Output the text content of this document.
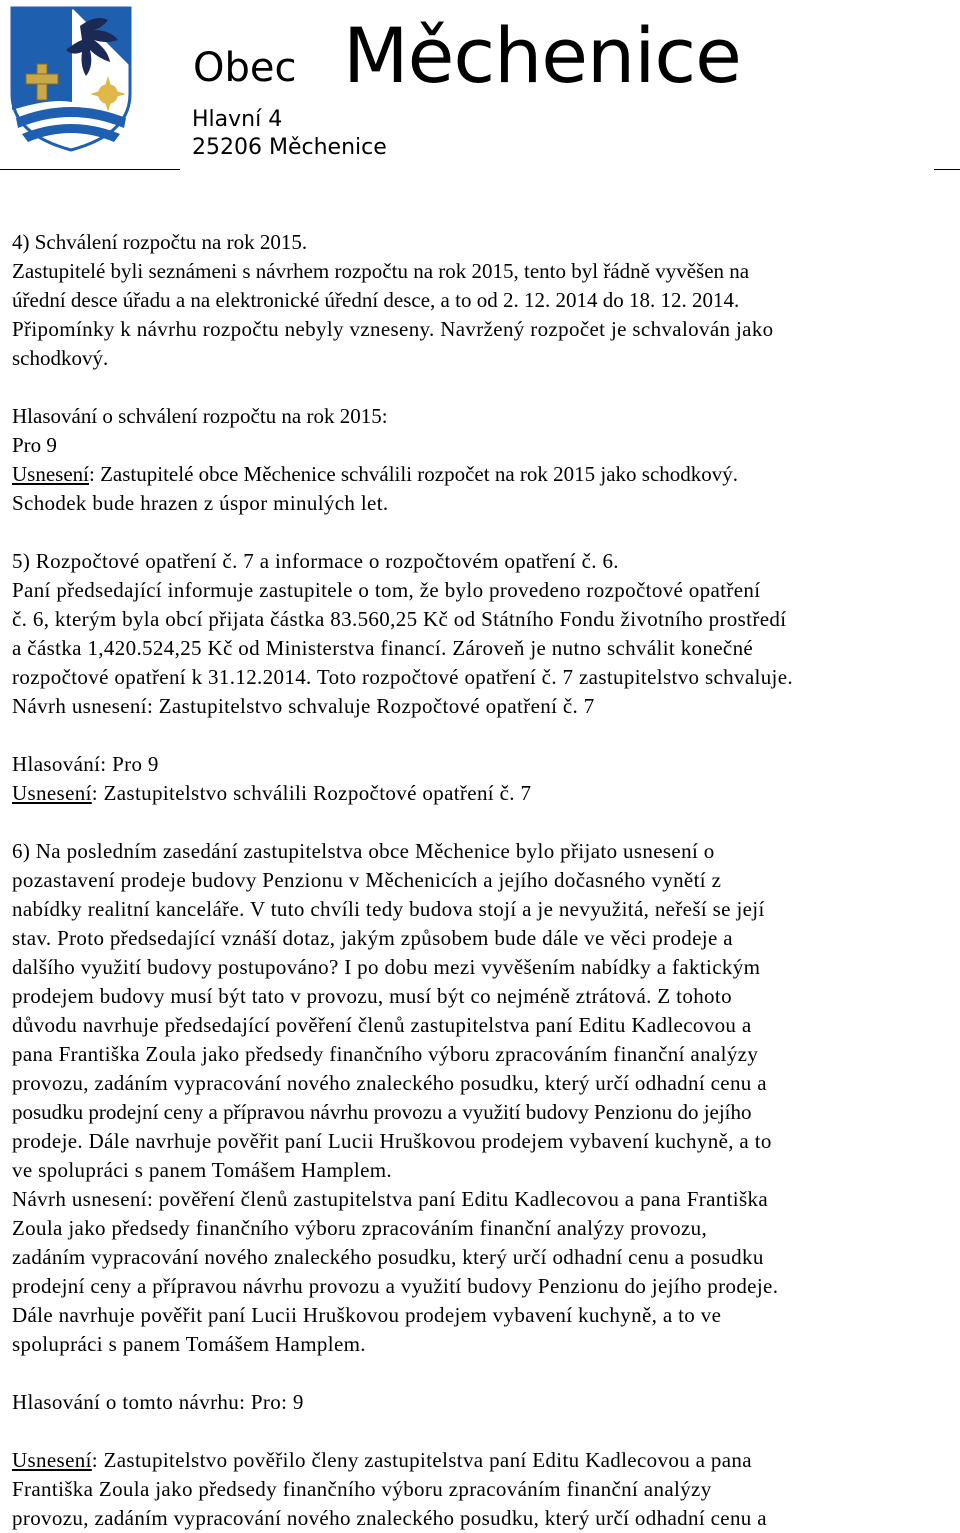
Obec Měchenice
Hlavní 4
25206 Měchenice

4) Schválení rozpočtu na rok 2015.

Zastupitelé byli seznámeni s návrhem rozpočtu na rok 2015, tento byl řádně vyvěšen na

úřední desce úřadu a na elektronické úřední desce, a to od 2. 12. 2014 do 18. 12. 2014.

Připomínky k návrhu rozpočtu nebyly vzneseny. Navržený rozpočet je schvalován jako

schodkový.

Hlasování o schválení rozpočtu na rok 2015:

Pro 9

Usnesení: Zastupitelé obce Měchenice schválili rozpočet na rok 2015 jako schodkový.

Schodek bude hrazen z úspor minulých let.

5) Rozpočtové opatření č. 7 a informace o rozpočtovém opatření č. 6.

Paní předsedající informuje zastupitele o tom, že bylo provedeno rozpočtové opatření

č. 6, kterým byla obcí přijata částka 83.560,25 Kč od Státního Fondu životního prostředí

a částka 1,420.524,25 Kč od Ministerstva financí. Zároveň je nutno schválit konečné

rozpočtové opatření k 31.12.2014. Toto rozpočtové opatření č. 7 zastupitelstvo schvaluje.

Návrh usnesení: Zastupitelstvo schvaluje Rozpočtové opatření č. 7

Hlasování: Pro 9

Usnesení: Zastupitelstvo schválili Rozpočtové opatření č. 7

6) Na posledním zasedání zastupitelstva obce Měchenice bylo přijato usnesení o

pozastavení prodeje budovy Penzionu v Měchenicích a jejího dočasného vynětí z

nabídky realitní kanceláře. V tuto chvíli tedy budova stojí a je nevyužitá, neřeší se její

stav. Proto předsedající vznáší dotaz, jakým způsobem bude dále ve věci prodeje a

dalšího využití budovy postupováno? I po dobu mezi vyvěšením nabídky a faktickým

prodejem budovy musí být tato v provozu, musí být co nejméně ztrátová. Z tohoto

důvodu navrhuje předsedající pověření členů zastupitelstva paní Editu Kadlecovou a

pana Františka Zoula jako předsedy finančního výboru zpracováním finanční analýzy

provozu, zadáním vypracování nového znaleckého posudku, který určí odhadní cenu a

posudku prodejní ceny a přípravou návrhu provozu a využití budovy Penzionu do jejího

prodeje. Dále navrhuje pověřit paní Lucii Hruškovou prodejem vybavení kuchyně, a to

ve spolupráci s panem Tomášem Hamplem.

Návrh usnesení: pověření členů zastupitelstva paní Editu Kadlecovou a pana Františka

Zoula jako předsedy finančního výboru zpracováním finanční analýzy provozu,

zadáním vypracování nového znaleckého posudku, který určí odhadní cenu a posudku

prodejní ceny a přípravou návrhu provozu a využití budovy Penzionu do jejího prodeje.

Dále navrhuje pověřit paní Lucii Hruškovou prodejem vybavení kuchyně, a to ve

spolupráci s panem Tomášem Hamplem.

Hlasování o tomto návrhu: Pro: 9

Usnesení: Zastupitelstvo pověřilo členy zastupitelstva paní Editu Kadlecovou a pana

Františka Zoula jako předsedy finančního výboru zpracováním finanční analýzy

provozu, zadáním vypracování nového znaleckého posudku, který určí odhadní cenu a
